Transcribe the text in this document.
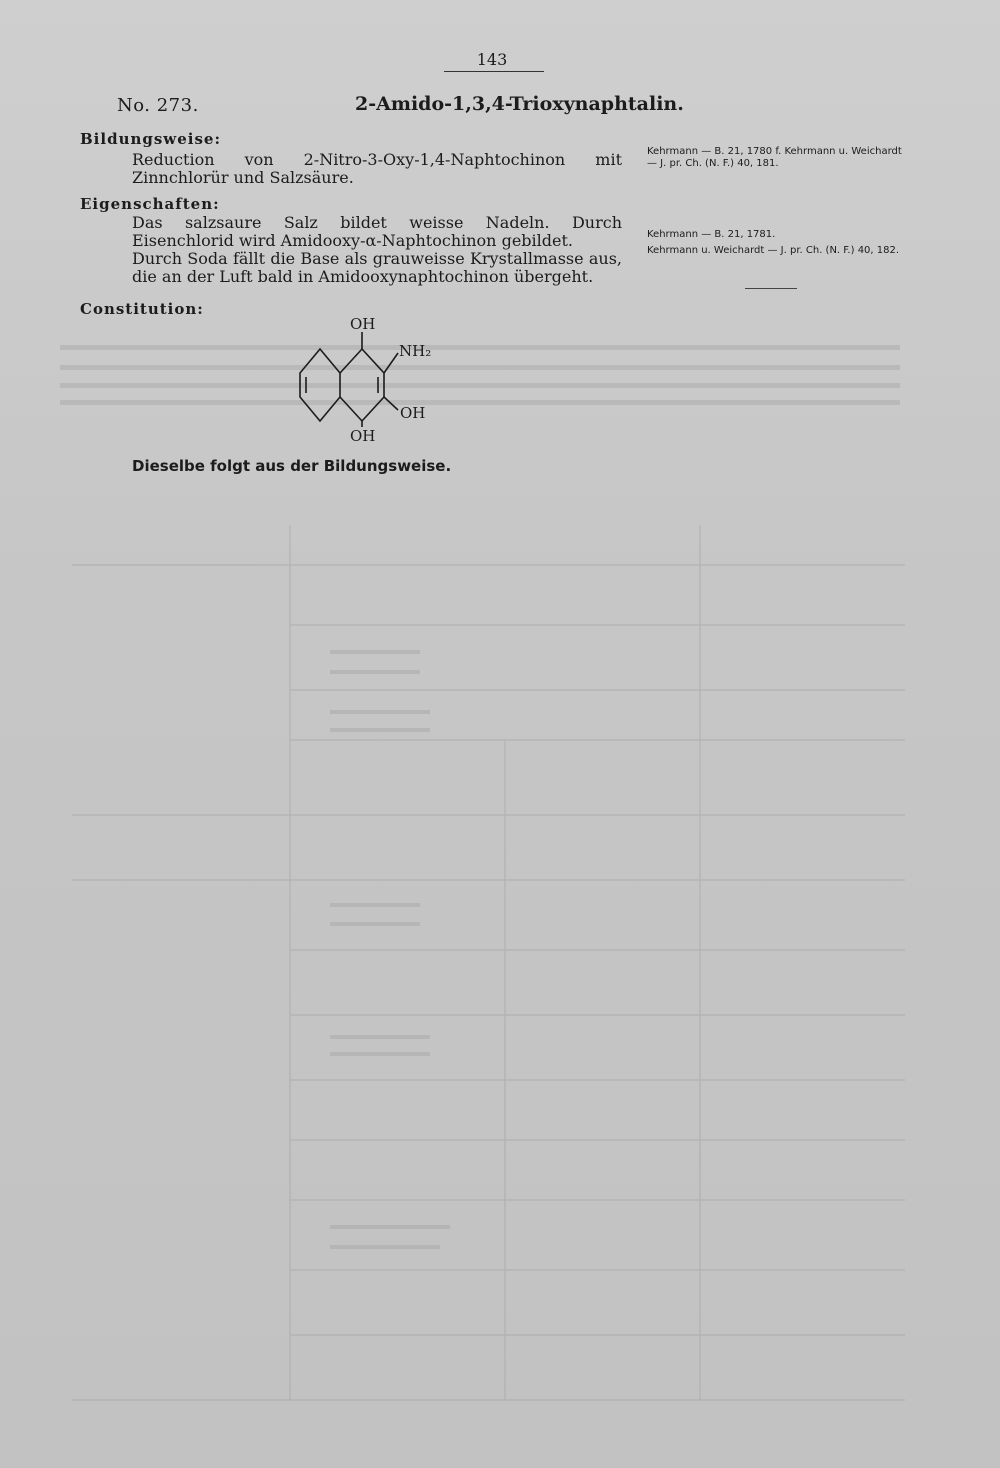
143
No. 273.	2-Amido-1,3,4-Trioxynaphtalin.
Bildungsweise:
Reduction von 2-Nitro-3-Oxy-1,4-Naphtochinon mit Zinnchlorür und Salzsäure.
Eigenschaften:
Das salzsaure Salz bildet weisse Nadeln. Durch Eisenchlorid wird Amidooxy-α-Naphtochinon gebildet.
Durch Soda fällt die Base als grauweisse Krystallmasse aus, die an der Luft bald in Amidooxynaphtochinon übergeht.
Kehrmann — B. 21, 1780 f. Kehrmann u. Weichardt — J. pr. Ch. (N. F.) 40, 181.
Kehrmann — B. 21, 1781.
Kehrmann u. Weichardt — J. pr. Ch. (N. F.) 40, 182.
Constitution:
OH
NH₂
OH
OH
Dieselbe folgt aus der Bildungsweise.
